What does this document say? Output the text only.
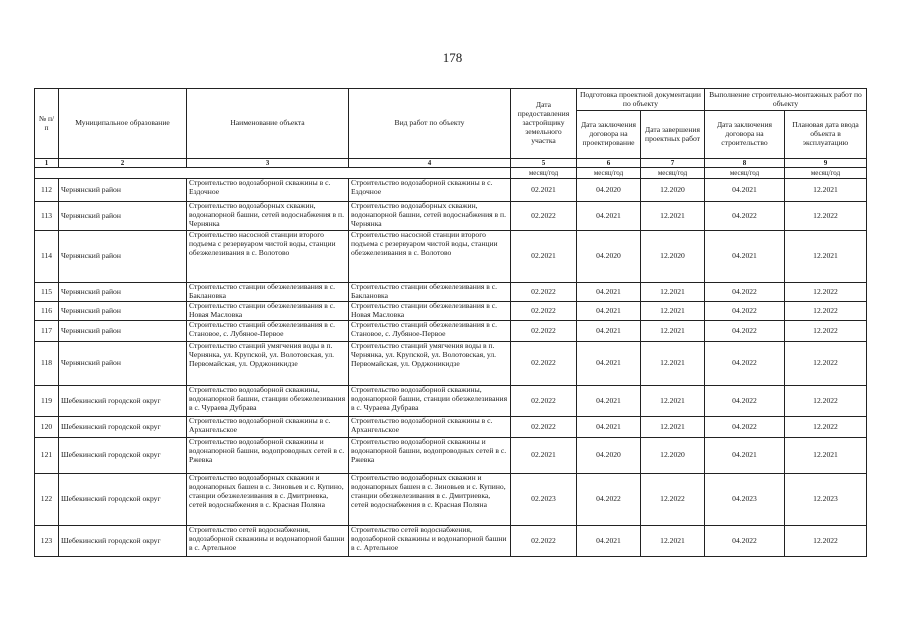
178
№ п/п	Муниципальное образование	Наименование объекта	Вид работ по объекту	Дата предоставления застройщику земельного участка	Подготовка проектной документации по объекту		Выполнение строительно-монтажных работ по объекту	
					Дата заключения договора на проектирование	Дата завершения проектных работ	Дата заключения договора на строительство	Плановая дата ввода объекта в эксплуатацию
1	2	3	4	5	6	7	8	9
				месяц/год	месяц/год	месяц/год	месяц/год	месяц/год
112	Чернянский район	Строительство водозаборной скважины в с. Ездочное	Строительство водозаборной скважины в с. Ездочное	02.2021	04.2020	12.2020	04.2021	12.2021
113	Чернянский район	Строительство водозаборных скважин, водонапорной башни, сетей водоснабжения в п. Чернянка	Строительство водозаборных скважин, водонапорной башни, сетей водоснабжения в п. Чернянка	02.2022	04.2021	12.2021	04.2022	12.2022
114	Чернянский район	Строительство насосной станции второго подъема с резервуаром чистой воды, станции обезжелезивания в с. Волотово	Строительство насосной станции второго подъема с резервуаром чистой воды, станции обезжелезивания в с. Волотово	02.2021	04.2020	12.2020	04.2021	12.2021
115	Чернянский район	Строительство станции обезжелезивания в с. Баклановка	Строительство станции обезжелезивания в с. Баклановка	02.2022	04.2021	12.2021	04.2022	12.2022
116	Чернянский район	Строительство станции обезжелезивания в с. Новая Масловка	Строительство станции обезжелезивания в с. Новая Масловка	02.2022	04.2021	12.2021	04.2022	12.2022
117	Чернянский район	Строительство станций обезжелезивания в с. Становое, с. Лубяное-Первое	Строительство станций обезжелезивания в с. Становое, с. Лубяное-Первое	02.2022	04.2021	12.2021	04.2022	12.2022
118	Чернянский район	Строительство станций умягчения воды в п. Чернянка, ул. Крупской, ул. Волотовская, ул. Первомайская, ул. Орджоникидзе	Строительство станций умягчения воды в п. Чернянка, ул. Крупской, ул. Волотовская, ул. Первомайская, ул. Орджоникидзе	02.2022	04.2021	12.2021	04.2022	12.2022
119	Шебекинский городской округ	Строительство водозаборной скважины, водонапорной башни, станции обезжелезивания в с. Чураева Дубрава	Строительство водозаборной скважины, водонапорной башни, станции обезжелезивания в с. Чураева Дубрава	02.2022	04.2021	12.2021	04.2022	12.2022
120	Шебекинский городской округ	Строительство водозаборной скважины в с. Архангельское	Строительство водозаборной скважины в с. Архангельское	02.2022	04.2021	12.2021	04.2022	12.2022
121	Шебекинский городской округ	Строительство водозаборной скважины и водонапорной башни, водопроводных сетей в с. Ржевка	Строительство водозаборной скважины и водонапорной башни, водопроводных сетей в с. Ржевка	02.2021	04.2020	12.2020	04.2021	12.2021
122	Шебекинский городской округ	Строительство водозаборных скважин и водонапорных башен в с. Зиновьев и с. Купино, станции обезжелезивания в с. Дмитриевка, сетей водоснабжения в с. Красная Поляна	Строительство водозаборных скважин и водонапорных башен в с. Зиновьев и с. Купино, станции обезжелезивания в с. Дмитриевка, сетей водоснабжения в с. Красная Поляна	02.2023	04.2022	12.2022	04.2023	12.2023
123	Шебекинский городской округ	Строительство сетей водоснабжения, водозаборной скважины и водонапорной башни в с. Артельное	Строительство сетей водоснабжения, водозаборной скважины и водонапорной башни в с. Артельное	02.2022	04.2021	12.2021	04.2022	12.2022
